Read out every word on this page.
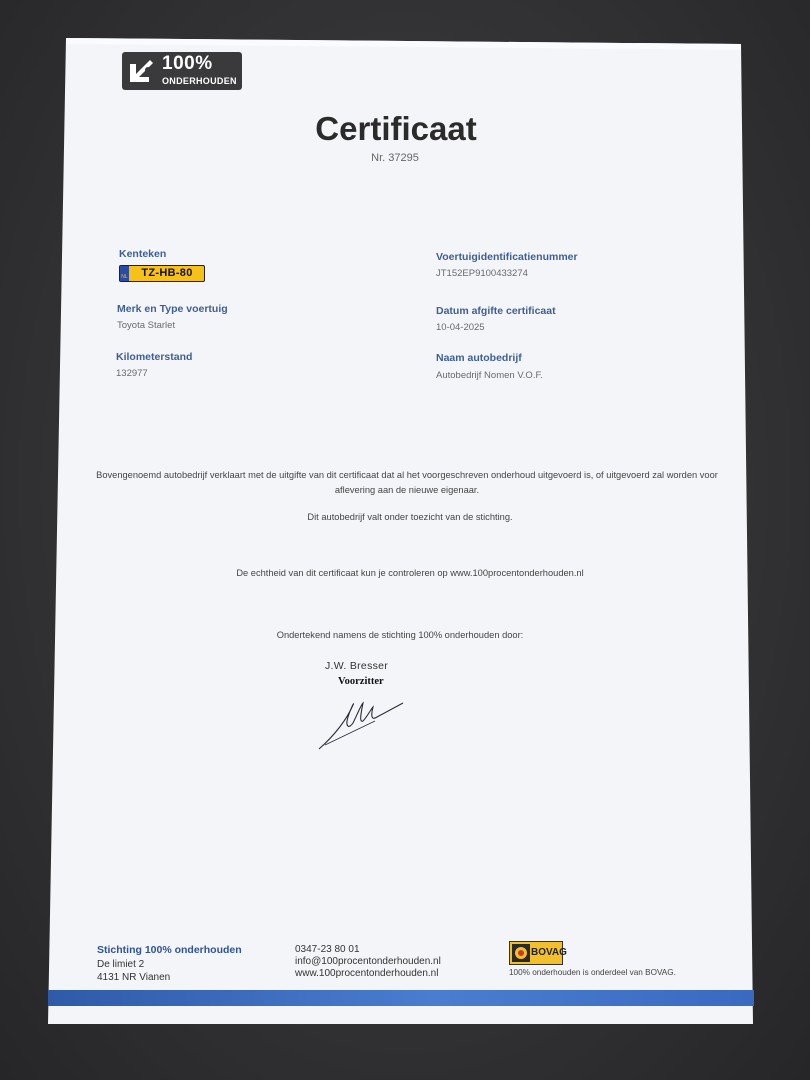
100%
ONDERHOUDEN
Certificaat
Nr. 37295
Kenteken
NL	TZ-HB-80
Merk en Type voertuig
Toyota Starlet
Kilometerstand
132977
Voertuigidentificatienummer
JT152EP9100433274
Datum afgifte certificaat
10-04-2025
Naam autobedrijf
Autobedrijf Nomen V.O.F.
Bovengenoemd autobedrijf verklaart met de uitgifte van dit certificaat dat al het voorgeschreven onderhoud uitgevoerd is, of uitgevoerd zal worden voor
aflevering aan de nieuwe eigenaar.
Dit autobedrijf valt onder toezicht van de stichting.
De echtheid van dit certificaat kun je controleren op www.100procentonderhouden.nl
Ondertekend namens de stichting 100% onderhouden door:
J.W. Bresser
Voorzitter
Stichting 100% onderhouden
De limiet 2
4131 NR Vianen
0347-23 80 01
info@100procentonderhouden.nl
www.100procentonderhouden.nl
BOVAG
100% onderhouden is onderdeel van BOVAG.
